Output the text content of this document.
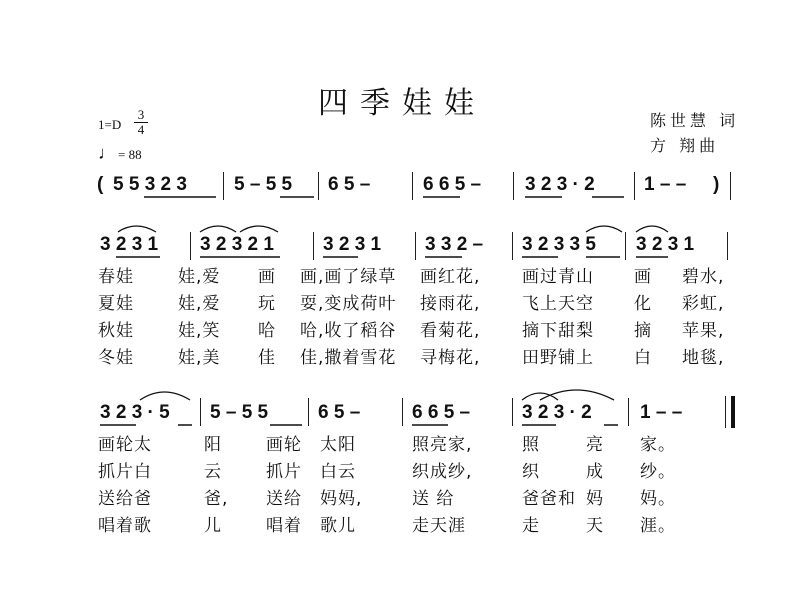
四季娃娃
1=D
3
4
♩ = 88
陈世慧 词
方 翔曲
( 5 5 3 2 3 5 – 5 5 6 5 –	6 6 5 – 3 2 3 · 2	1 – – )
3 2 3 1 3 2 3 2 1	3 2 3 1 3 3 2 – 3 2 3 3 5 3 2 3 1
春娃	娃,爱 画 画,画了绿草 画红花, 画过青山 画 碧水,
夏娃	娃,爱 玩 耍,变成荷叶 接雨花, 飞上天空 化 彩虹,
秋娃	娃,笑 哈 哈,收了稻谷 看菊花, 摘下甜梨 摘 苹果,
冬娃	娃,美 佳 佳,撒着雪花 寻梅花, 田野铺上 白 地毯,
3 2 3 · 5 5 – 5 5	6 5 –	6 6 5 –	3 2 3 · 2	1 – –
画轮太	阳	画轮 太阳	照亮家,	照	亮 家。
抓片白	云	抓片 白云	织成纱,	织	成 纱。
送给爸	爸, 送给 妈妈,	送 给	爸爸和 妈 妈。
唱着歌	儿	唱着 歌儿	走天涯	走	天 涯。
